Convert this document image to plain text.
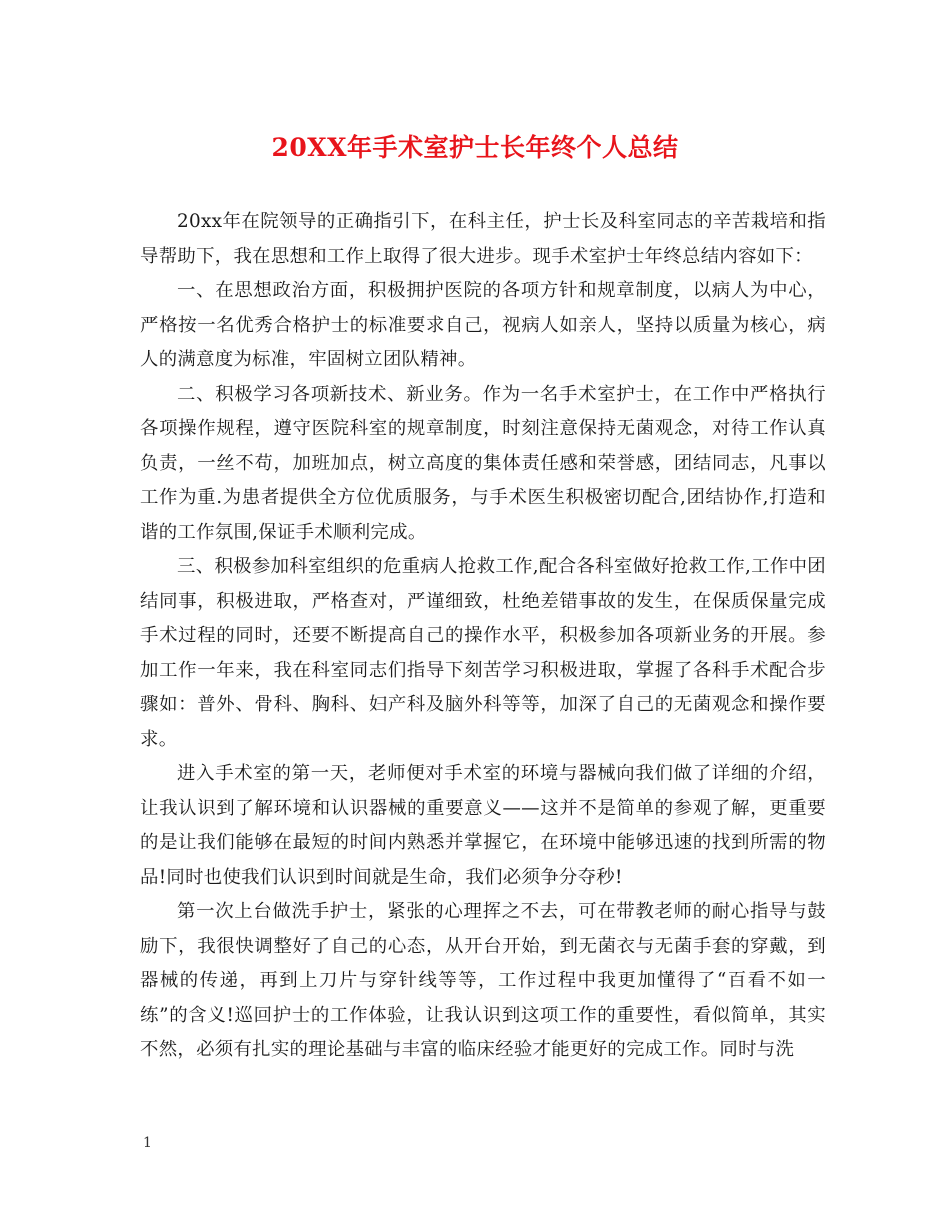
20XX年手术室护士长年终个人总结

20xx年在院领导的正确指引下，在科主任，护士长及科室同志的辛苦栽培和指导帮助下，我在思想和工作上取得了很大进步。现手术室护士年终总结内容如下：

一、在思想政治方面，积极拥护医院的各项方针和规章制度，以病人为中心，严格按一名优秀合格护士的标准要求自己，视病人如亲人，坚持以质量为核心，病人的满意度为标准，牢固树立团队精神。

二、积极学习各项新技术、新业务。作为一名手术室护士，在工作中严格执行各项操作规程，遵守医院科室的规章制度，时刻注意保持无菌观念，对待工作认真负责，一丝不苟，加班加点，树立高度的集体责任感和荣誉感，团结同志，凡事以工作为重.为患者提供全方位优质服务，与手术医生积极密切配合,团结协作,打造和谐的工作氛围,保证手术顺利完成。

三、积极参加科室组织的危重病人抢救工作,配合各科室做好抢救工作,工作中团结同事，积极进取，严格查对，严谨细致，杜绝差错事故的发生，在保质保量完成手术过程的同时，还要不断提高自己的操作水平，积极参加各项新业务的开展。参加工作一年来，我在科室同志们指导下刻苦学习积极进取，掌握了各科手术配合步骤如：普外、骨科、胸科、妇产科及脑外科等等，加深了自己的无菌观念和操作要求。

进入手术室的第一天，老师便对手术室的环境与器械向我们做了详细的介绍，让我认识到了解环境和认识器械的重要意义——这并不是简单的参观了解，更重要的是让我们能够在最短的时间内熟悉并掌握它，在环境中能够迅速的找到所需的物品!同时也使我们认识到时间就是生命，我们必须争分夺秒!

第一次上台做洗手护士，紧张的心理挥之不去，可在带教老师的耐心指导与鼓励下，我很快调整好了自己的心态，从开台开始，到无菌衣与无菌手套的穿戴，到器械的传递，再到上刀片与穿针线等等，工作过程中我更加懂得了“百看不如一练”的含义!巡回护士的工作体验，让我认识到这项工作的重要性，看似简单，其实不然，必须有扎实的理论基础与丰富的临床经验才能更好的完成工作。同时与洗

1
